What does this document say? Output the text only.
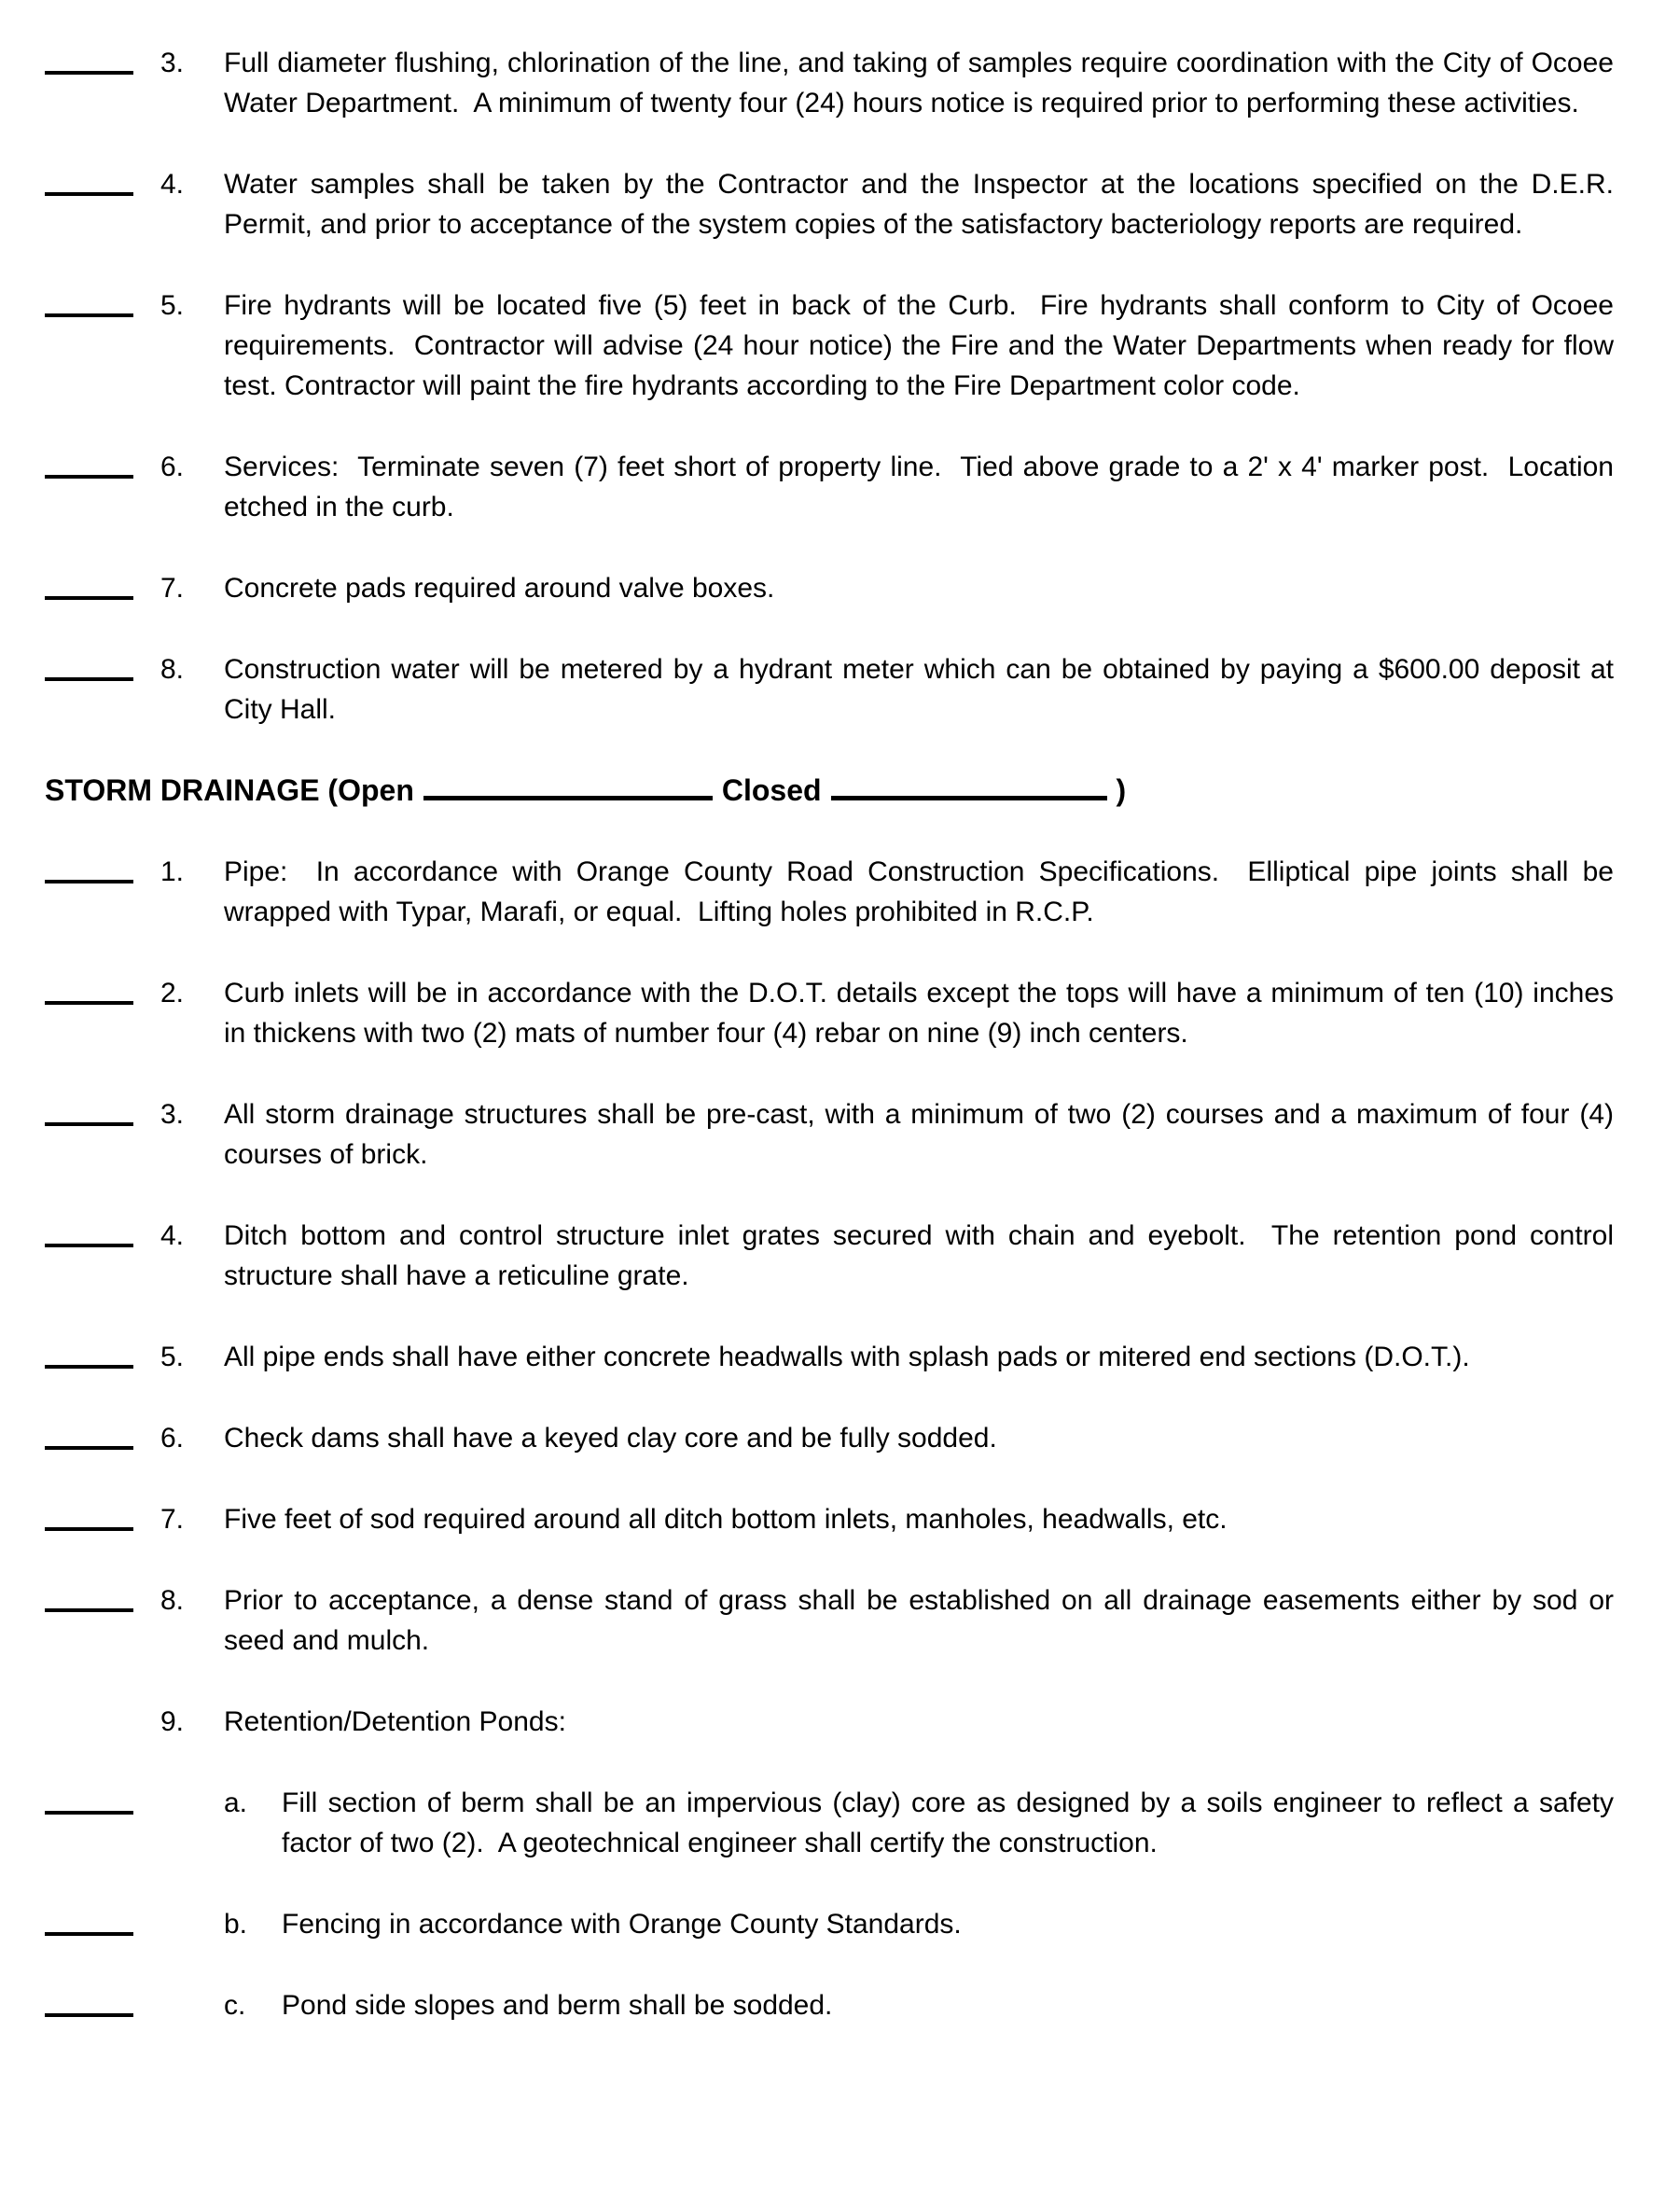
3.	Full diameter flushing, chlorination of the line, and taking of samples require coordination with the City of Ocoee Water Department.  A minimum of twenty four (24) hours notice is required prior to performing these activities.
4.	Water samples shall be taken by the Contractor and the Inspector at the locations specified on the D.E.R. Permit, and prior to acceptance of the system copies of the satisfactory bacteriology reports are required.
5.	Fire hydrants will be located five (5) feet in back of the Curb.  Fire hydrants shall conform to City of Ocoee requirements.  Contractor will advise (24 hour notice) the Fire and the Water Departments when ready for flow test. Contractor will paint the fire hydrants according to the Fire Department color code.
6.	Services:  Terminate seven (7) feet short of property line.  Tied above grade to a 2' x 4' marker post.  Location etched in the curb.
7.	Concrete pads required around valve boxes.
8.	Construction water will be metered by a hydrant meter which can be obtained by paying a $600.00 deposit at City Hall.
STORM DRAINAGE (Open	Closed	)
1.	Pipe:  In accordance with Orange County Road Construction Specifications.  Elliptical pipe joints shall be wrapped with Typar, Marafi, or equal.  Lifting holes prohibited in R.C.P.
2.	Curb inlets will be in accordance with the D.O.T. details except the tops will have a minimum of ten (10) inches in thickens with two (2) mats of number four (4) rebar on nine (9) inch centers.
3.	All storm drainage structures shall be pre-cast, with a minimum of two (2) courses and a maximum of four (4) courses of brick.
4.	Ditch bottom and control structure inlet grates secured with chain and eyebolt.  The retention pond control structure shall have a reticuline grate.
5.	All pipe ends shall have either concrete headwalls with splash pads or mitered end sections (D.O.T.).
6.	Check dams shall have a keyed clay core and be fully sodded.
7.	Five feet of sod required around all ditch bottom inlets, manholes, headwalls, etc.
8.	Prior to acceptance, a dense stand of grass shall be established on all drainage easements either by sod or seed and mulch.
9.	Retention/Detention Ponds:
a.	Fill section of berm shall be an impervious (clay) core as designed by a soils engineer to reflect a safety factor of two (2).  A geotechnical engineer shall certify the construction.
b.	Fencing in accordance with Orange County Standards.
c.	Pond side slopes and berm shall be sodded.
